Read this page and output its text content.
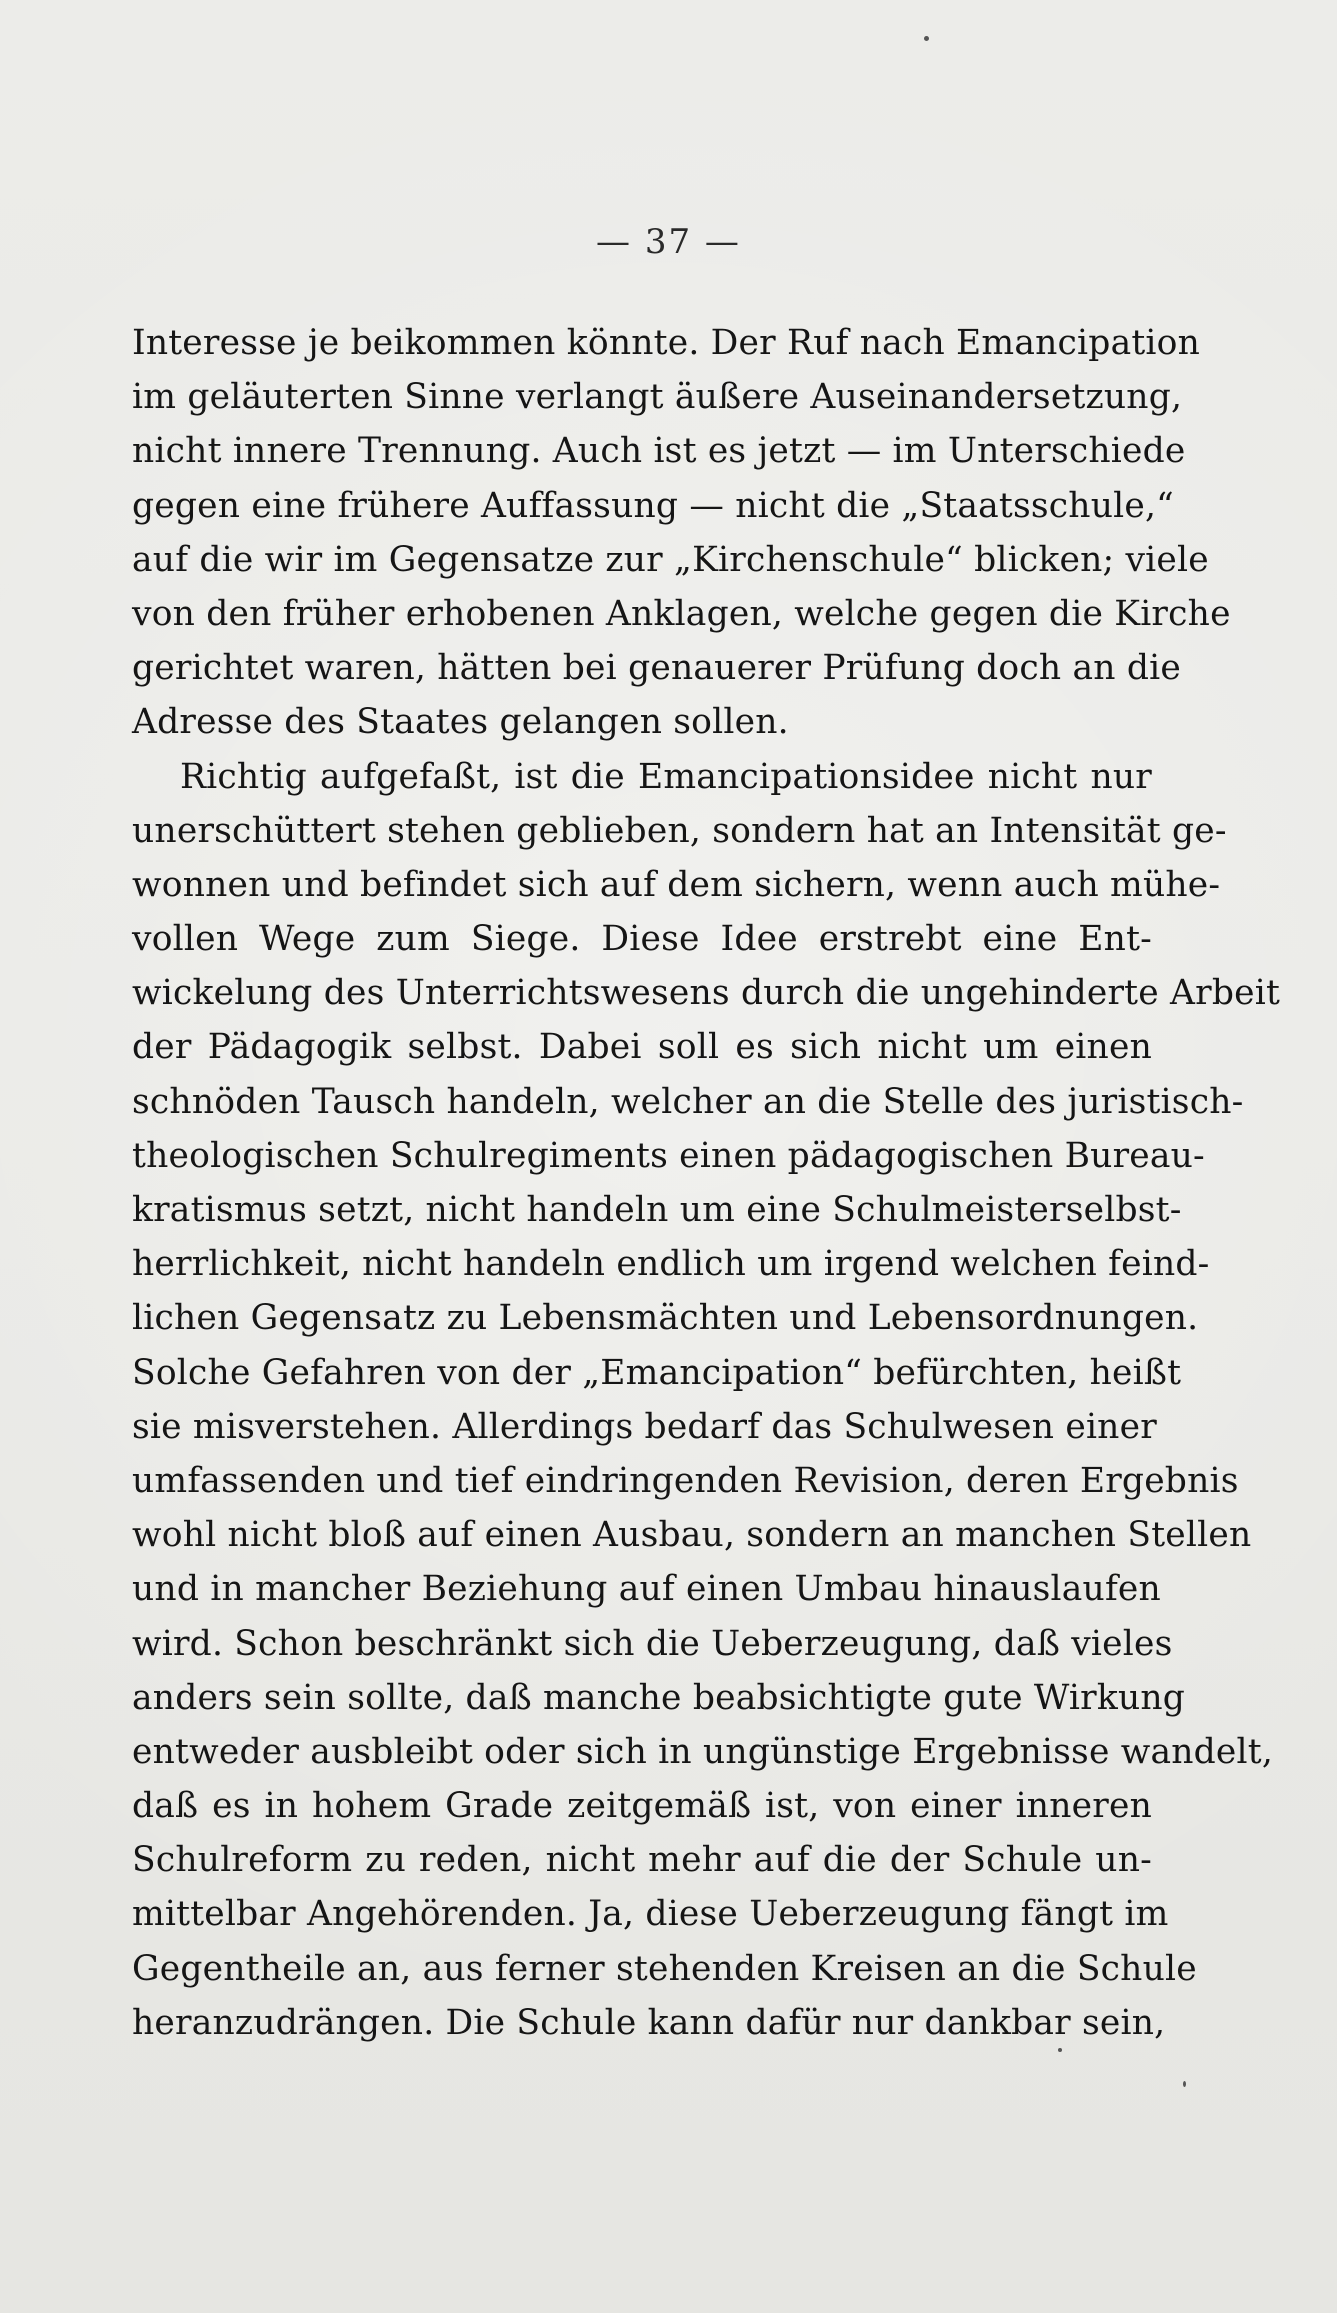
— 37 —
Interesse je beikommen könnte. Der Ruf nach Emancipation
im geläuterten Sinne verlangt äußere Auseinandersetzung,
nicht innere Trennung. Auch ist es jetzt — im Unterschiede
gegen eine frühere Auffassung — nicht die „Staatsschule,“
auf die wir im Gegensatze zur „Kirchenschule“ blicken; viele
von den früher erhobenen Anklagen, welche gegen die Kirche
gerichtet waren, hätten bei genauerer Prüfung doch an die
Adresse des Staates gelangen sollen.
Richtig aufgefaßt, ist die Emancipationsidee nicht nur
unerschüttert stehen geblieben, sondern hat an Intensität ge-
wonnen und befindet sich auf dem sichern, wenn auch mühe-
vollen Wege zum Siege. Diese Idee erstrebt eine Ent-
wickelung des Unterrichtswesens durch die ungehinderte Arbeit
der Pädagogik selbst. Dabei soll es sich nicht um einen
schnöden Tausch handeln, welcher an die Stelle des juristisch-
theologischen Schulregiments einen pädagogischen Bureau-
kratismus setzt, nicht handeln um eine Schulmeisterselbst-
herrlichkeit, nicht handeln endlich um irgend welchen feind-
lichen Gegensatz zu Lebensmächten und Lebensordnungen.
Solche Gefahren von der „Emancipation“ befürchten, heißt
sie misverstehen. Allerdings bedarf das Schulwesen einer
umfassenden und tief eindringenden Revision, deren Ergebnis
wohl nicht bloß auf einen Ausbau, sondern an manchen Stellen
und in mancher Beziehung auf einen Umbau hinauslaufen
wird. Schon beschränkt sich die Ueberzeugung, daß vieles
anders sein sollte, daß manche beabsichtigte gute Wirkung
entweder ausbleibt oder sich in ungünstige Ergebnisse wandelt,
daß es in hohem Grade zeitgemäß ist, von einer inneren
Schulreform zu reden, nicht mehr auf die der Schule un-
mittelbar Angehörenden. Ja, diese Ueberzeugung fängt im
Gegentheile an, aus ferner stehenden Kreisen an die Schule
heranzudrängen. Die Schule kann dafür nur dankbar sein,
